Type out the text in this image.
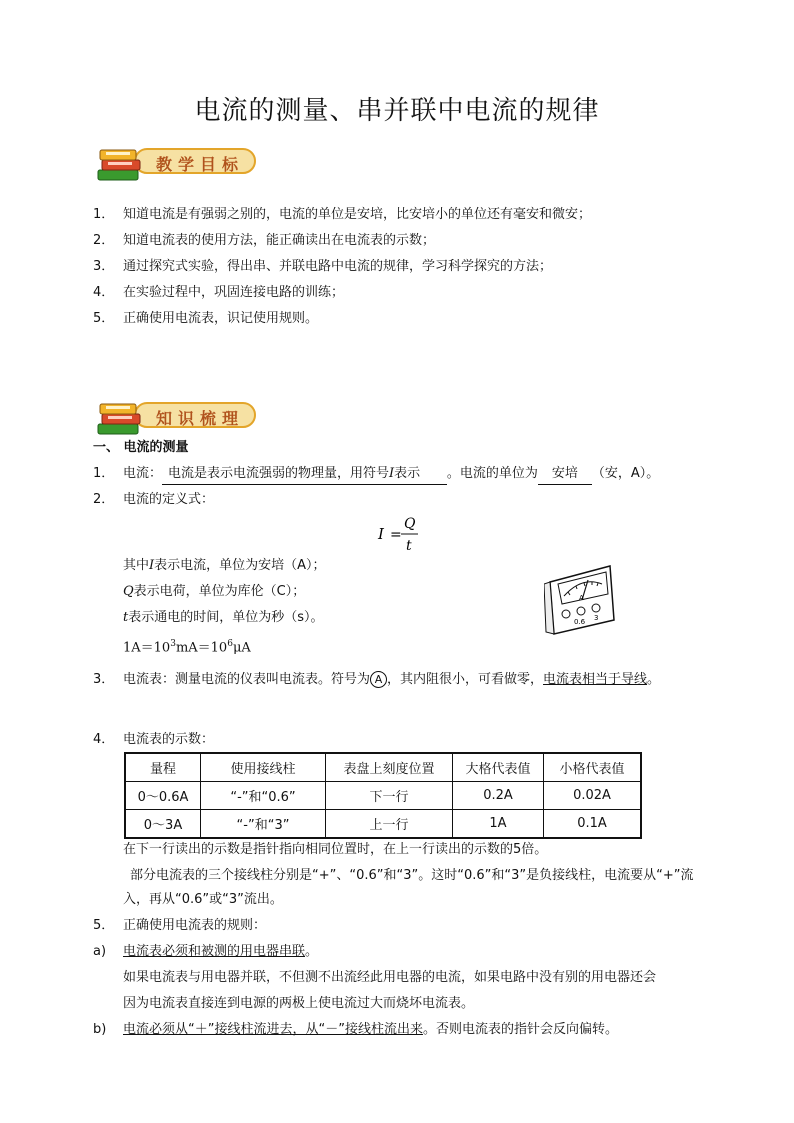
电流的测量、串并联中电流的规律
教学目标
1． 知道电流是有强弱之别的，电流的单位是安培，比安培小的单位还有毫安和微安；
2． 知道电流表的使用方法，能正确读出在电流表的示数；
3． 通过探究式实验，得出串、并联电路中电流的规律，学习科学探究的方法；
4． 在实验过程中，巩固连接电路的训练；
5． 正确使用电流表，识记使用规则。
知识梳理
一、 电流的测量
1． 电流： 电流是表示电流强弱的物理量，用符号I表示 。电流的单位为 安培 （安，A）。
2． 电流的定义式：
I =
Q
t
其中I表示电流，单位为安培（A）；
Q表示电荷，单位为库伦（C）；
t表示通电的时间，单位为秒（s）。
$1A=10^3mA=10^6\mu A$
A
0.6 3
3． 电流表：测量电流的仪表叫电流表。符号为 A ，其内阻很小，可看做零，电流表相当于导线。
4． 电流表的示数：
量程	使用接线柱	表盘上刻度位置	大格代表值	小格代表值
0～0.6A	“-”和“0.6”	下一行	0.2A	0.02A
0～3A	“-”和“3”	上一行	1A	0.1A
在下一行读出的示数是指针指向相同位置时，在上一行读出的示数的5倍。
部分电流表的三个接线柱分别是“+”、“0.6”和“3”。这时“0.6”和“3”是负接线柱，电流要从“+”流
入，再从“0.6”或“3”流出。
5． 正确使用电流表的规则：
a) 电流表必须和被测的用电器串联。
如果电流表与用电器并联，不但测不出流经此用电器的电流，如果电路中没有别的用电器还会
因为电流表直接连到电源的两极上使电流过大而烧坏电流表。
b) 电流必须从“＋”接线柱流进去，从“－”接线柱流出来。否则电流表的指针会反向偏转。
